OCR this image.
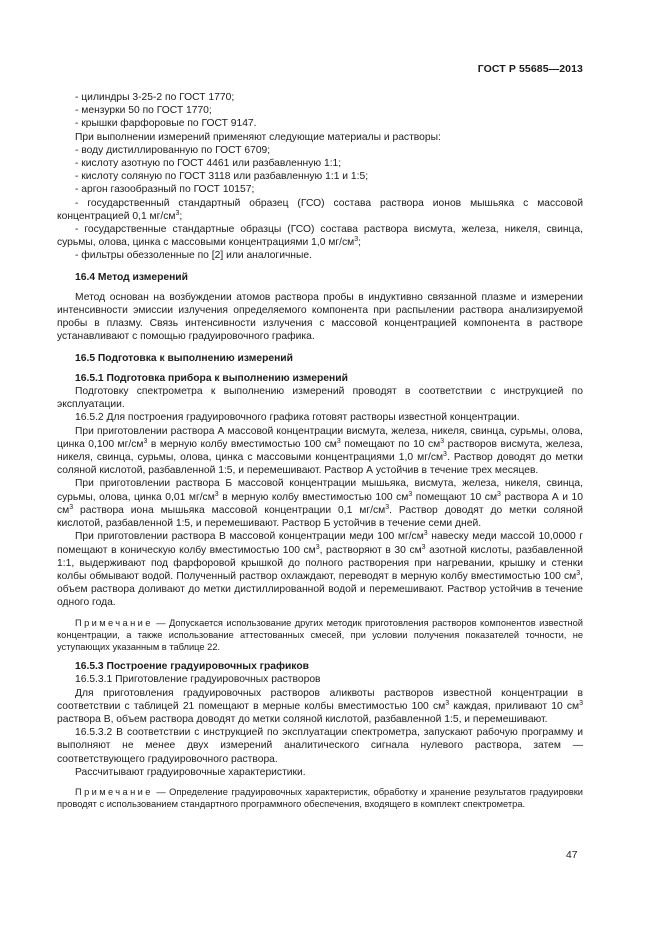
ГОСТ Р 55685—2013

- цилиндры 3-25-2 по ГОСТ 1770;

- мензурки 50 по ГОСТ 1770;

- крышки фарфоровые по ГОСТ 9147.

При выполнении измерений применяют следующие материалы и растворы:

- воду дистиллированную по ГОСТ 6709;

- кислоту азотную по ГОСТ 4461 или разбавленную 1:1;

- кислоту соляную по ГОСТ 3118 или разбавленную 1:1 и 1:5;

- аргон газообразный по ГОСТ 10157;

- государственный стандартный образец (ГСО) состава раствора ионов мышьяка с массовой концентрацией 0,1 $мг/см^3$;

- государственные стандартные образцы (ГСО) состава раствора висмута, железа, никеля, свинца, сурьмы, олова, цинка с массовыми концентрациями 1,0 $мг/см^3$;

- фильтры обеззоленные по [2] или аналогичные.

16.4 Метод измерений

Метод основан на возбуждении атомов раствора пробы в индуктивно связанной плазме и измерении интенсивности эмиссии излучения определяемого компонента при распылении раствора анализируемой пробы в плазму. Связь интенсивности излучения с массовой концентрацией компонента в растворе устанавливают с помощью градуировочного графика.

16.5 Подготовка к выполнению измерений

16.5.1 Подготовка прибора к выполнению измерений

Подготовку спектрометра к выполнению измерений проводят в соответствии с инструкцией по эксплуатации.

16.5.2 Для построения градуировочного графика готовят растворы известной концентрации.

При приготовлении раствора А массовой концентрации висмута, железа, никеля, свинца, сурьмы, олова, цинка 0,100 $мг/см^3$ в мерную колбу вместимостью 100 $см^3$ помещают по 10 $см^3$ растворов висмута, железа, никеля, свинца, сурьмы, олова, цинка с массовыми концентрациями 1,0 $мг/см^3$. Раствор доводят до метки соляной кислотой, разбавленной 1:5, и перемешивают. Раствор А устойчив в течение трех месяцев.

При приготовлении раствора Б массовой концентрации мышьяка, висмута, железа, никеля, свинца, сурьмы, олова, цинка 0,01 $мг/см^3$ в мерную колбу вместимостью 100 $см^3$ помещают 10 $см^3$ раствора А и 10 $см^3$ раствора иона мышьяка массовой концентрации 0,1 $мг/см^3$. Раствор доводят до метки соляной кислотой, разбавленной 1:5, и перемешивают. Раствор Б устойчив в течение семи дней.

При приготовлении раствора В массовой концентрации меди 100 $мг/см^3$ навеску меди массой 10,0000 г помещают в коническую колбу вместимостью 100 $см^3$, растворяют в 30 $см^3$ азотной кислоты, разбавленной 1:1, выдерживают под фарфоровой крышкой до полного растворения при нагревании, крышку и стенки колбы обмывают водой. Полученный раствор охлаждают, переводят в мерную колбу вместимостью 100 $см^3$, объем раствора доливают до метки дистиллированной водой и перемешивают. Раствор устойчив в течение одного года.

Примечание — Допускается использование других методик приготовления растворов компонентов известной концентрации, а также использование аттестованных смесей, при условии получения показателей точности, не уступающих указанным в таблице 22.

16.5.3 Построение градуировочных графиков

16.5.3.1 Приготовление градуировочных растворов

Для приготовления градуировочных растворов аликвоты растворов известной концентрации в соответствии с таблицей 21 помещают в мерные колбы вместимостью 100 $см^3$ каждая, приливают 10 $см^3$ раствора В, объем раствора доводят до метки соляной кислотой, разбавленной 1:5, и перемешивают.

16.5.3.2 В соответствии с инструкцией по эксплуатации спектрометра, запускают рабочую программу и выполняют не менее двух измерений аналитического сигнала нулевого раствора, затем — соответствующего градуировочного раствора.

Рассчитывают градуировочные характеристики.

Примечание — Определение градуировочных характеристик, обработку и хранение результатов градуировки проводят с использованием стандартного программного обеспечения, входящего в комплект спектрометра.

47
